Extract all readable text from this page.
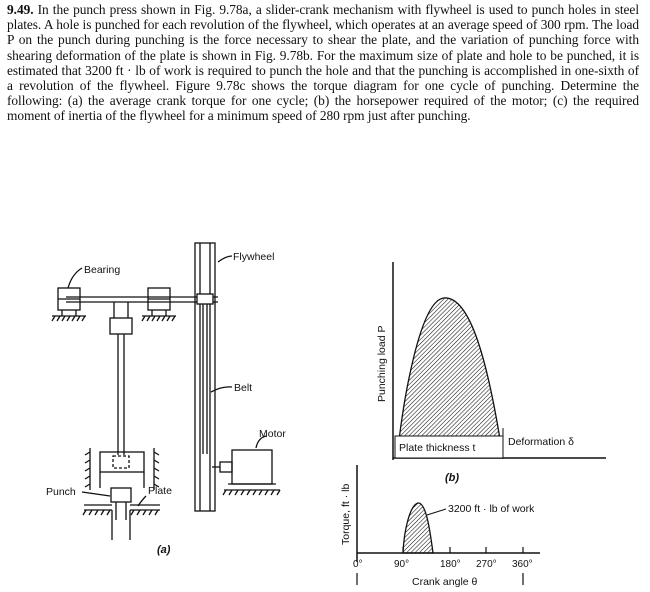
9.49. In the punch press shown in Fig. 9.78a, a slider-crank mechanism with flywheel is used to punch holes in steel plates. A hole is punched for each revolution of the flywheel, which operates at an average speed of 300 rpm. The load P on the punch during punching is the force necessary to shear the plate, and the variation of punching force with shearing deformation of the plate is shown in Fig. 9.78b. For the maximum size of plate and hole to be punched, it is estimated that 3200 ft · lb of work is required to punch the hole and that the punching is accomplished in one-sixth of a revolution of the flywheel. Figure 9.78c shows the torque diagram for one cycle of punching. Determine the following: (a) the average crank torque for one cycle; (b) the horsepower required of the motor; (c) the required moment of inertia of the flywheel for a minimum speed of 280 rpm just after punching.
Bearing
Flywheel
Belt
Motor
Punch	Plate
(a)
Punching load P
Plate thickness t	Deformation δ
(b)
Torque, ft · lb	3200 ft · lb of work
0°	90°	180° 270° 360°
Crank angle θ
